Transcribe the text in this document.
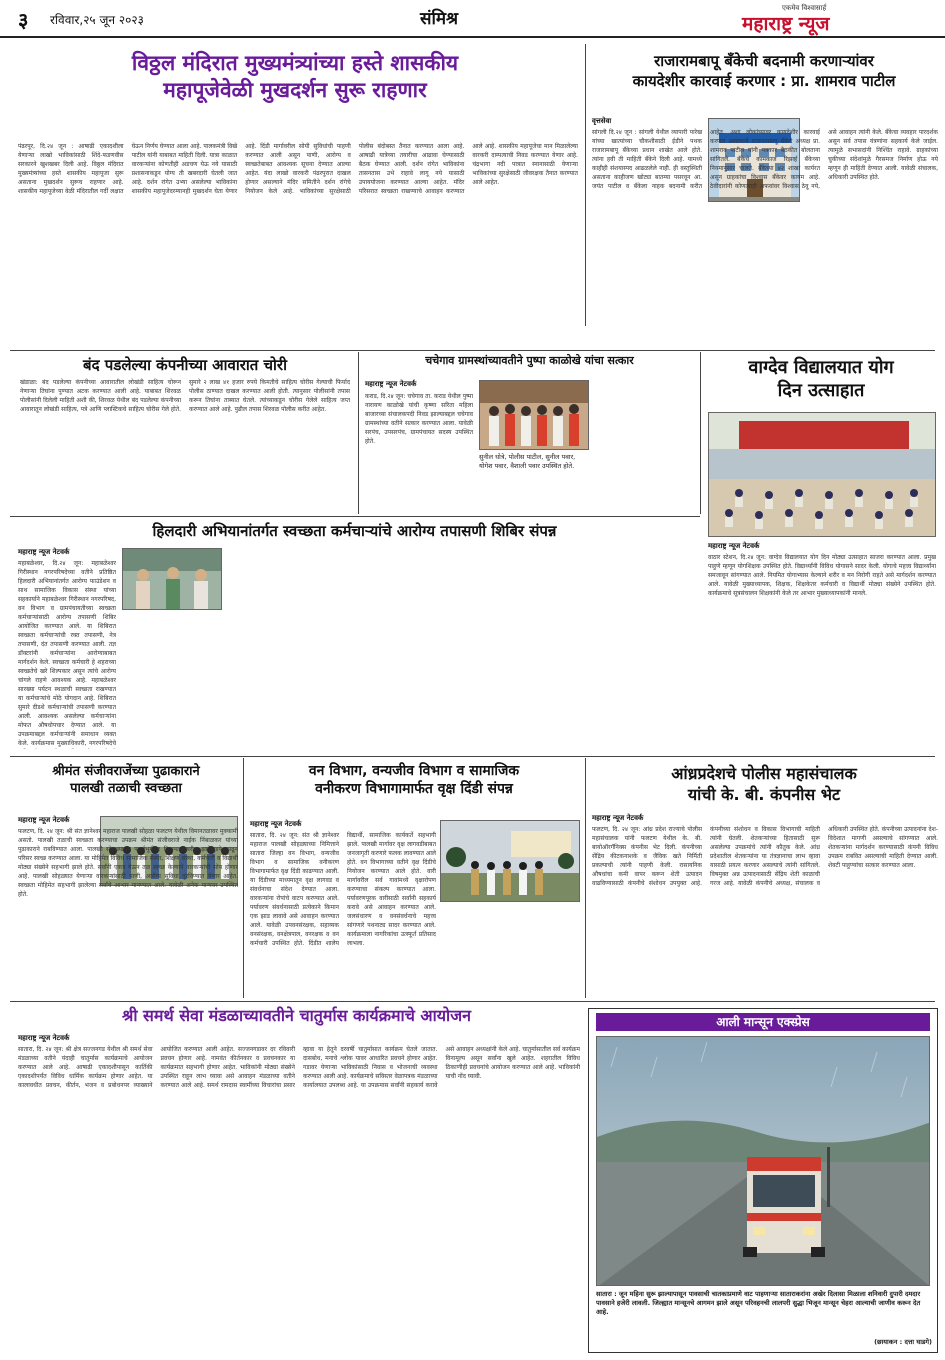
३ रविवार,२५ जून २०२३	संमिश्र
एकमेव विश्वासार्ह
महाराष्ट्र न्यूज
विठ्ठल मंदिरात मुख्यमंत्र्यांच्या हस्ते शासकीय
महापूजेवेळी मुखदर्शन सुरू राहणार
पंढरपूर, दि.२४ जून : आषाढी एकादशीला येणाऱ्या लाखो भाविकांसाठी शिंदे-फडणवीस सरकारने खुशखबर दिली आहे. विठ्ठल मंदिरात मुख्यमंत्र्यांच्या हस्ते शासकीय महापूजा सुरू असताना मुखदर्शन सुरूच राहणार आहे. शासकीय महापूजेच्या वेळी मंदिरातील गर्दी लक्षात घेऊन निर्णय घेण्यात आला आहे. पालकमंत्री विखे पाटील यांनी याबाबत माहिती दिली. यात्रा काळात वारकऱ्यांना कोणतीही अडचण येऊ नये यासाठी प्रशासनाकडून योग्य ती खबरदारी घेतली जात आहे. दर्शन रांगेत उभ्या असलेल्या भाविकांना शासकीय महापूजेदरम्यानही मुखदर्शन घेता येणार आहे. दिंडी मार्गावरील सोयी सुविधांची पाहणी करण्यात आली असून पाणी, आरोग्य व स्वच्छतेबाबत आवश्यक सूचना देण्यात आल्या आहेत. यंदा लाखो वारकरी पंढरपुरात दाखल होणार असल्याने मंदिर समितीने दर्शन रांगेचे नियोजन केले आहे. भाविकांच्या सुरक्षेसाठी पोलीस बंदोबस्त तैनात करण्यात आला आहे. आषाढी यात्रेच्या तयारीचा आढावा घेण्यासाठी बैठक घेण्यात आली. दर्शन रांगेत भाविकांना तासनतास उभे राहावे लागू नये यासाठी उपाययोजना करण्यात आल्या आहेत. मंदिर परिसरात स्वच्छता राखण्याचे आवाहन करण्यात आले आहे. शासकीय महापूजेचा मान मिळालेल्या वारकरी दाम्पत्याची निवड करण्यात येणार आहे. चंद्रभागा नदी पात्रात स्नानासाठी येणाऱ्या भाविकांच्या सुरक्षेसाठी जीवरक्षक तैनात करण्यात आले आहेत.
राजारामबापू बँकेची बदनामी करणाऱ्यांवर
कायदेशीर कारवाई करणार : प्रा. शामराव पाटील
वृत्तसेवा
सांगली दि.२४ जून : सांगली येथील व्यापारी पारेख यांच्या खात्यांच्या चौकशीसाठी ईडीने पथक राजारामबापू बँकेच्या प्रधान शाखेत आले होते. त्यांना हवी ती माहिती बँकेने दिली आहे. यामध्ये काहीही संशयास्पद आढळलेले नाही. ही वस्तुस्थिती असताना काहीजण खोट्या बातम्या पसरवून आ. जयंत पाटील व बँकेला नाहक बदनामी करीत आहेत. अशा लोकांच्यावर कायदेशीर कारवाई करणार असल्याचे राजारामबापू बँकेचे अध्यक्ष प्रा. शामराव पाटील यांनी पत्रकार बैठकीत बोलताना सांगितले. बँकेचे कामकाज रिझर्व्ह बँकेच्या नियमानुसार चालते. बँकेच्या ४२ शाखा कार्यरत असून ग्राहकांचा विश्वास बँकेवर कायम आहे. ठेवीदारांनी कोणत्याही अफवांवर विश्वास ठेवू नये, असे आवाहन त्यांनी केले. बँकेचा व्यवहार पारदर्शक असून सर्व तपास यंत्रणांना सहकार्य केले जाईल. त्यामुळे सभासदांनी निश्चिंत राहावे. ग्राहकांच्या चुकीच्या संदेशांमुळे गैरसमज निर्माण होऊ नये म्हणून ही माहिती देण्यात आली. यावेळी संचालक, अधिकारी उपस्थित होते.
बंद पडलेल्या कंपनीच्या आवारात चोरी
खंडाळा: बंद पडलेल्या कंपनीच्या आवारातील लोखंडी साहित्य चोरून नेणाऱ्या तिघांना पुण्यात अटक करण्यात आली आहे. याबाबत शिरवळ पोलीसांनी दिलेली माहिती अशी की, शिरवळ येथील बंद पडलेल्या कंपनीच्या आवारातून लोखंडी साहित्य, पत्रे आणि प्लास्टिकचे साहित्य चोरीस गेले होते. सुमारे २ लाख ४१ हजार रुपये किमतीचे साहित्य चोरीस गेल्याची फिर्याद पोलीस ठाण्यात दाखल करण्यात आली होती. त्यानुसार पोलीसांनी तपास करून तिघांना ताब्यात घेतले. त्यांच्याकडून चोरीस गेलेले साहित्य जप्त करण्यात आले आहे. पुढील तपास शिरवळ पोलीस करीत आहेत.
चचेगाव ग्रामस्थांच्यावतीने पुष्पा काळोखे यांचा सत्कार
महाराष्ट्र न्यूज नेटवर्क
कराड, दि.२४ जून: चचेगाव ता. कराड येथील पुष्पा नारायण काळोखे यांची कृष्णा सरिता महिला बाजारच्या संचालकपदी निवड झाल्याबद्दल चचेगाव ग्रामस्थांच्या वतीने सत्कार करण्यात आला. यावेळी सरपंच, उपसरपंच, ग्रामपंचायत सदस्य उपस्थित होते.
सुनील धोत्रे, पोलीस पाटील, सुनील पवार, योगेश पवार, वैशाली पवार उपस्थित होते.
वाग्देव विद्यालयात योग
दिन उत्साहात
महाराष्ट्र न्यूज नेटवर्क
वाठार स्टेशन, दि.२४ जून: वाग्देव विद्यालयात योग दिन मोठ्या उत्साहात साजरा करण्यात आला. प्रमुख पाहुणे म्हणून योगशिक्षक उपस्थित होते. विद्यार्थ्यांनी विविध योगासने सादर केली. योगाचे महत्त्व विद्यार्थ्यांना समजावून सांगण्यात आले. नियमित योगाभ्यास केल्याने शरीर व मन निरोगी राहते असे मार्गदर्शन करण्यात आले. यावेळी मुख्याध्यापक, शिक्षक, शिक्षकेतर कर्मचारी व विद्यार्थी मोठ्या संख्येने उपस्थित होते. कार्यक्रमाचे सूत्रसंचालन शिक्षकांनी केले तर आभार मुख्याध्यापकांनी मानले.
हिलदारी अभियानांतर्गत स्वच्छता कर्मचाऱ्यांचे आरोग्य तपासणी शिबिर संपन्न
महाराष्ट्र न्यूज नेटवर्क
महाबळेश्वर, दि.२४ जून: महाबळेश्वर गिरीस्थान नगरपरिषदेच्या वतीने प्रतिष्ठित हिलदारी अभियानांतर्गत आरोग्य फाउंडेशन व साथ सामाजिक विकास संस्था यांच्या सहकार्याने महाबळेश्वर गिरीस्थान नगरपरिषद, वन विभाग व ग्रामपंचायतीच्या स्वच्छता कर्मचाऱ्यांसाठी आरोग्य तपासणी शिबिर आयोजित करण्यात आले. या शिबिरात स्वच्छता कर्मचाऱ्यांची रक्त तपासणी, नेत्र तपासणी, दंत तपासणी करण्यात आली. तज्ञ डॉक्टरांनी कर्मचाऱ्यांना आरोग्याबाबत मार्गदर्शन केले. स्वच्छता कर्मचारी हे शहराच्या स्वच्छतेचे खरे शिल्पकार असून त्यांचे आरोग्य चांगले राहणे आवश्यक आहे. महाबळेश्वर सारख्या पर्यटन स्थळाची स्वच्छता राखण्यात या कर्मचाऱ्यांचे मोठे योगदान आहे. शिबिरात सुमारे दीडशे कर्मचाऱ्यांची तपासणी करण्यात आली. आवश्यक असलेल्या कर्मचाऱ्यांना मोफत औषधोपचार देण्यात आले. या उपक्रमाबद्दल कर्मचाऱ्यांनी समाधान व्यक्त केले. कार्यक्रमास मुख्याधिकारी, नगरपरिषदेचे
श्रीमंत संजीवराजेंच्या पुढाकाराने
पालखी तळाची स्वच्छता
महाराष्ट्र न्यूज नेटवर्क
फलटण, दि. २४ जून: श्री संत ज्ञानेश्वर महाराज पालखी सोहळा फलटण येथील विमानतळावर मुक्कामी असतो. पालखी तळाची स्वच्छता करण्याचा उपक्रम श्रीमंत संजीवराजे नाईक निंबाळकर यांच्या पुढाकाराने राबविण्यात आला. पालखी सोहळ्याच्या पार्श्वभूमीवर विमानतळावरील झाडेझुडपे काढून परिसर स्वच्छ करण्यात आला. या मोहिमेत विविध सामाजिक संस्था, शिक्षण संस्था, कर्मचारी व विद्यार्थी मोठ्या संख्येने सहभागी झाले होते. सर्वांनी एकत्र येऊन तळ स्वच्छ केल्याने वारकऱ्यांची सोय होणार आहे. पालखी सोहळ्यात येणाऱ्या वारकऱ्यांसाठी पाणी, आरोग्य सुविधा पुरविण्यात येणार आहेत. स्वच्छता मोहिमेत सहभागी झालेल्या सर्वांचे आभार मानण्यात आले. यावेळी अनेक मान्यवर उपस्थित होते.
वन विभाग, वन्यजीव विभाग व सामाजिक
वनीकरण विभागामार्फत वृक्ष दिंडी संपन्न
महाराष्ट्र न्यूज नेटवर्क
सातारा, दि. २४ जून: संत श्री ज्ञानेश्वर महाराज पालखी सोहळ्याच्या निमित्ताने सातारा जिल्हा वन विभाग, वन्यजीव विभाग व सामाजिक वनीकरण विभागामार्फत वृक्ष दिंडी काढण्यात आली. या दिंडीच्या माध्यमातून वृक्ष लागवड व संवर्धनाचा संदेश देण्यात आला. वारकऱ्यांना रोपांचे वाटप करण्यात आले. पर्यावरण संवर्धनासाठी प्रत्येकाने किमान एक झाड लावावे असे आवाहन करण्यात आले. यावेळी उपवनसंरक्षक, सहाय्यक वनसंरक्षक, वनक्षेत्रपाल, वनरक्षक व वन कर्मचारी उपस्थित होते. दिंडीत शालेय विद्यार्थी, सामाजिक कार्यकर्ते सहभागी झाले. पालखी मार्गावर वृक्ष लागवडीबाबत जनजागृती करणारे फलक लावण्यात आले होते. वन विभागाच्या वतीने वृक्ष दिंडीचे नियोजन करण्यात आले होते. वारी मार्गावरील सर्व गावांमध्ये वृक्षारोपण करण्याचा संकल्प करण्यात आला. पर्यावरणपूरक वारीसाठी सर्वांनी सहकार्य करावे असे आवाहन करण्यात आले. जलसंधारण व वनसंवर्धनाचे महत्त्व सांगणारे पथनाट्य सादर करण्यात आले. कार्यक्रमाला नागरिकांचा उत्स्फूर्त प्रतिसाद लाभला.
आंध्रप्रदेशचे पोलीस महासंचालक
यांची के. बी. कंपनीस भेट
महाराष्ट्र न्यूज नेटवर्क
फलटण, दि. २४ जून: आंध्र प्रदेश राज्याचे पोलीस महासंचालक यांनी फलटण येथील के. बी. बायोऑरगॅनिक्स कंपनीस भेट दिली. कंपनीच्या सेंद्रिय कीटकनाशके व जैविक खते निर्मिती प्रकल्पाची त्यांनी पाहणी केली. रासायनिक औषधांचा कमी वापर करून शेती उत्पादन वाढविण्यासाठी कंपनीचे संशोधन उपयुक्त आहे. कंपनीच्या संशोधन व विकास विभागाची माहिती त्यांनी घेतली. शेतकऱ्यांच्या हितासाठी सुरू असलेल्या उपक्रमांचे त्यांनी कौतुक केले. आंध्र प्रदेशातील शेतकऱ्यांना या तंत्रज्ञानाचा लाभ व्हावा यासाठी प्रयत्न करणार असल्याचे त्यांनी सांगितले. विषमुक्त अन्न उत्पादनासाठी सेंद्रिय शेती काळाची गरज आहे. यावेळी कंपनीचे अध्यक्ष, संचालक व अधिकारी उपस्थित होते. कंपनीच्या उत्पादनांना देश-विदेशात मागणी असल्याचे सांगण्यात आले. शेतकऱ्यांना मार्गदर्शन करण्यासाठी कंपनी विविध उपक्रम राबवित असल्याची माहिती देण्यात आली. शेवटी पाहुण्यांचा सत्कार करण्यात आला.
श्री समर्थ सेवा मंडळाच्यावतीने चातुर्मास कार्यक्रमाचे आयोजन
महाराष्ट्र न्यूज नेटवर्क
सातारा, दि. २४ जून: श्री क्षेत्र सज्जनगड येथील श्री समर्थ सेवा मंडळाच्या वतीने यंदाही चातुर्मास कार्यक्रमाचे आयोजन करण्यात आले आहे. आषाढी एकादशीपासून कार्तिकी एकादशीपर्यंत विविध धार्मिक कार्यक्रम होणार आहेत. या कालावधीत प्रवचन, कीर्तन, भजन व प्रबोधनपर व्याख्याने आयोजित करण्यात आली आहेत. सज्जनगडावर दर रविवारी प्रवचन होणार आहे. नामवंत कीर्तनकार व प्रवचनकार या कार्यक्रमात सहभागी होणार आहेत. भाविकांनी मोठ्या संख्येने उपस्थित राहून लाभ घ्यावा असे आवाहन मंडळाच्या वतीने करण्यात आले आहे. समर्थ रामदास स्वामींच्या विचारांचा प्रसार व्हावा या हेतूने दरवर्षी चातुर्मासात कार्यक्रम घेतले जातात. दासबोध, मनाचे श्लोक यावर आधारित प्रवचने होणार आहेत. गडावर येणाऱ्या भाविकांसाठी निवास व भोजनाची व्यवस्था करण्यात आली आहे. कार्यक्रमाचे सविस्तर वेळापत्रक मंडळाच्या कार्यालयात उपलब्ध आहे. या उपक्रमास सर्वांनी सहकार्य करावे असे आवाहन अध्यक्षांनी केले आहे. चातुर्मासातील सर्व कार्यक्रम विनामूल्य असून सर्वांना खुले आहेत. शहरातील विविध ठिकाणीही प्रवचनांचे आयोजन करण्यात आले आहे. भाविकांनी याची नोंद घ्यावी.
आली मान्सून एक्स्प्रेस
सातारा : जून महिना सुरू झाल्यापासून पावसाची चातकाप्रमाणे वाट पाहणाऱ्या साताराकरांना अखेर दिलासा मिळाला शनिवारी दुपारी दमदार पावसाने हजेरी लावली. जिल्ह्यात मान्सूनचे आगमन झाले असून परिवहनची लालपरी सुद्धा भिजून मान्सून चेहरा आल्याची जाणीव करून देत आहे.
(छायाकन : दत्ता घाडगे)
